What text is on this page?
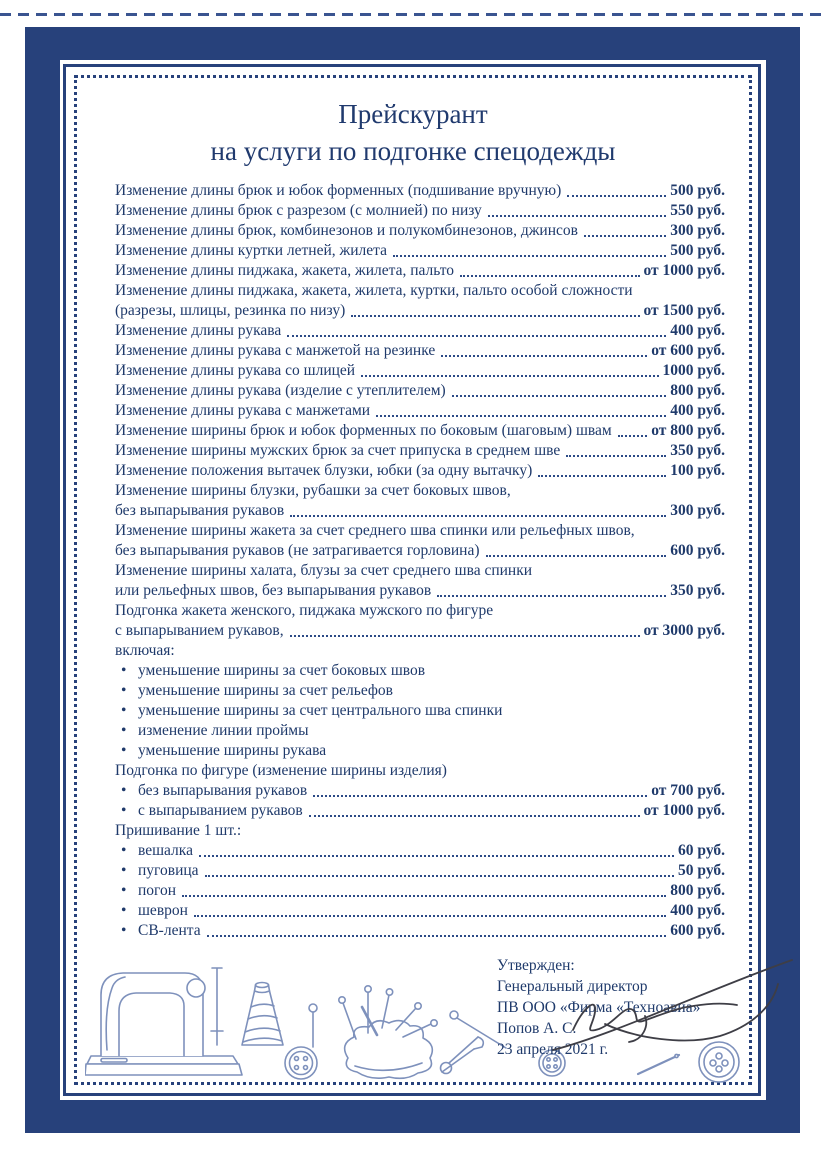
Прейскурант
на услуги по подгонке спецодежды
Изменение длины брюк и юбок форменных (подшивание вручную)	500 руб.
Изменение длины брюк с разрезом (с молнией) по низу	550 руб.
Изменение длины брюк, комбинезонов и полукомбинезонов, джинсов	300 руб.
Изменение длины куртки летней, жилета	500 руб.
Изменение длины пиджака, жакета, жилета, пальто	от 1000 руб.
Изменение длины пиджака, жакета, жилета, куртки, пальто особой сложности
(разрезы, шлицы, резинка по низу)	от 1500 руб.
Изменение длины рукава	400 руб.
Изменение длины рукава с манжетой на резинке	от 600 руб.
Изменение длины рукава со шлицей	1000 руб.
Изменение длины рукава (изделие с утеплителем)	800 руб.
Изменение длины рукава с манжетами	400 руб.
Изменение ширины брюк и юбок форменных по боковым (шаговым) швам	от 800 руб.
Изменение ширины мужских брюк за счет припуска в среднем шве	350 руб.
Изменение положения вытачек блузки, юбки (за одну вытачку)	100 руб.
Изменение ширины блузки, рубашки за счет боковых швов,
без выпарывания рукавов	300 руб.
Изменение ширины жакета за счет среднего шва спинки или рельефных швов,
без выпарывания рукавов (не затрагивается горловина)	600 руб.
Изменение ширины халата, блузы за счет среднего шва спинки
или рельефных швов, без выпарывания рукавов	350 руб.
Подгонка жакета женского, пиджака мужского по фигуре
с выпарыванием рукавов,	от 3000 руб.
включая:
• уменьшение ширины за счет боковых швов
• уменьшение ширины за счет рельефов
• уменьшение ширины за счет центрального шва спинки
• изменение линии проймы
• уменьшение ширины рукава
Подгонка по фигуре (изменение ширины изделия)
• без выпарывания рукавов	от 700 руб.
• с выпарыванием рукавов	от 1000 руб.
Пришивание 1 шт.:
• вешалка	60 руб.
• пуговица	50 руб.
• погон	800 руб.
• шеврон	400 руб.
• СВ-лента	600 руб.
Утвержден:
Генеральный директор
ПВ ООО «Фирма «Техноавиа»
Попов А. С.
23 апреля 2021 г.
